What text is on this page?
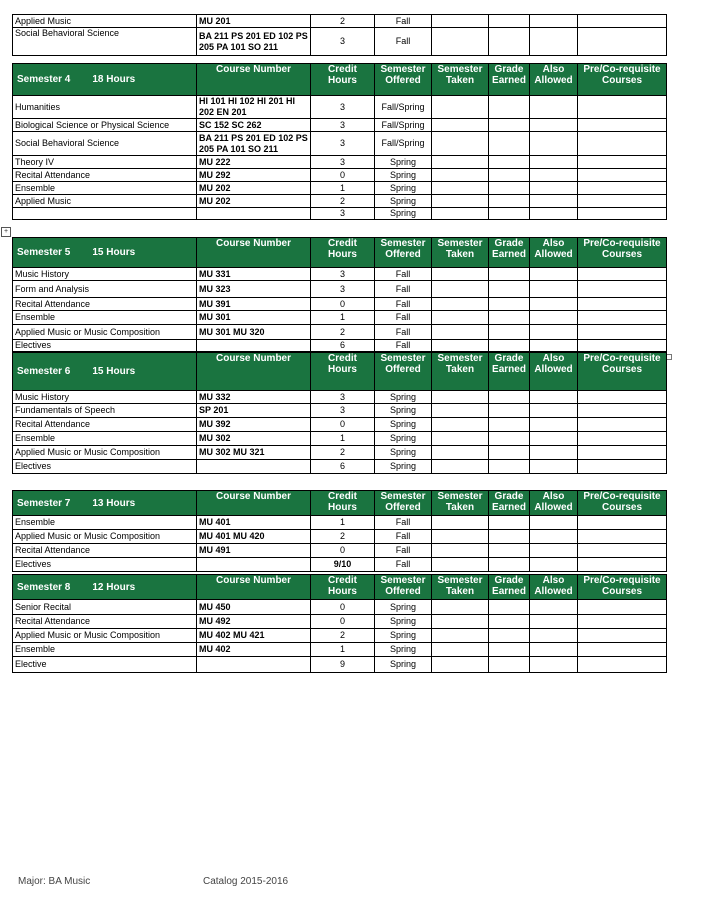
Applied Music	MU 201	2	Fall				
Social Behavioral Science	BA 211 PS 201 ED 102 PS 205 PA 101 SO 211	3	Fall				
+
Semester 4 18 Hours	Course Number	Credit Hours	Semester Offered	Semester Taken	Grade Earned	Also Allowed	Pre/Co-requisite Courses
Humanities	HI 101 HI 102 HI 201 HI 202 EN 201	3	Fall/Spring				
Biological Science or Physical Science	SC 152 SC 262	3	Fall/Spring				
Social Behavioral Science	BA 211 PS 201 ED 102 PS 205 PA 101 SO 211	3	Fall/Spring				
Theory IV	MU 222	3	Spring				
Recital Attendance	MU 292	0	Spring				
Ensemble	MU 202	1	Spring				
Applied Music	MU 202	2	Spring				
		3	Spring				
Semester 5 15 Hours	Course Number	Credit Hours	Semester Offered	Semester Taken	Grade Earned	Also Allowed	Pre/Co-requisite Courses
Music History	MU 331	3	Fall				
Form and Analysis	MU 323	3	Fall				
Recital Attendance	MU 391	0	Fall				
Ensemble	MU 301	1	Fall				
Applied Music or Music Composition	MU 301 MU 320	2	Fall				
Electives		6	Fall				
Semester 6 15 Hours	Course Number	Credit Hours	Semester Offered	Semester Taken	Grade Earned	Also Allowed	Pre/Co-requisite Courses
Music History	MU 332	3	Spring				
Fundamentals of Speech	SP 201	3	Spring				
Recital Attendance	MU 392	0	Spring				
Ensemble	MU 302	1	Spring				
Applied Music or Music Composition	MU 302 MU 321	2	Spring				
Electives		6	Spring				
Semester 7 13 Hours	Course Number	Credit Hours	Semester Offered	Semester Taken	Grade Earned	Also Allowed	Pre/Co-requisite Courses
Ensemble	MU 401	1	Fall				
Applied Music or Music Composition	MU 401 MU 420	2	Fall				
Recital Attendance	MU 491	0	Fall				
Electives		9/10	Fall				
Semester 8 12 Hours	Course Number	Credit Hours	Semester Offered	Semester Taken	Grade Earned	Also Allowed	Pre/Co-requisite Courses
Senior Recital	MU 450	0	Spring				
Recital Attendance	MU 492	0	Spring				
Applied Music or Music Composition	MU 402 MU 421	2	Spring				
Ensemble	MU 402	1	Spring				
Elective		9	Spring				
Major: BA Music	Catalog 2015-2016
